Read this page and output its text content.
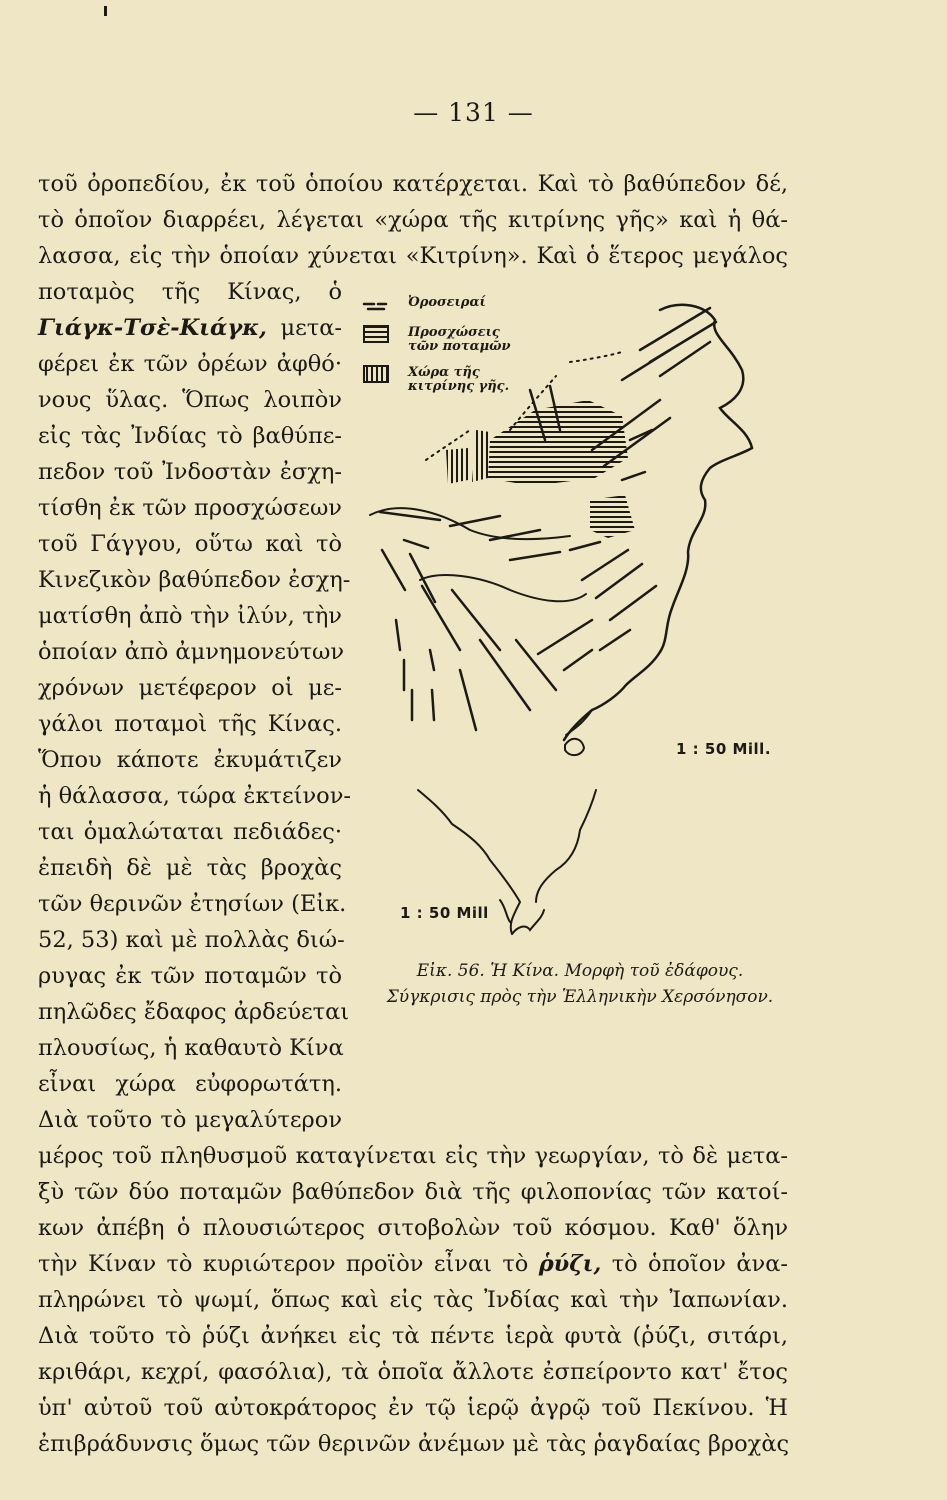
— 131 —
τοῦ ὀροπεδίου, ἐκ τοῦ ὁποίου κατέρχεται. Καὶ τὸ βαθύπεδον δέ,
τὸ ὁποῖον διαρρέει, λέγεται «χώρα τῆς κιτρίνης γῆς» καὶ ἡ θά-
λασσα, εἰς τὴν ὁποίαν χύνεται «Κιτρίνη». Καὶ ὁ ἕτερος μεγάλος
ποταμὸς τῆς Κίνας, ὁ
Γιάγκ-Τσὲ-Κιάγκ, μετα-
φέρει ἐκ τῶν ὀρέων ἀφθό·
νους ὕλας. Ὅπως λοιπὸν
εἰς τὰς Ἰνδίας τὸ βαθύπε-
πεδον τοῦ Ἰνδοστὰν ἐσχη-
τίσθη ἐκ τῶν προσχώσεων
τοῦ Γάγγου, οὕτω καὶ τὸ
Κινεζικὸν βαθύπεδον ἐσχη-
ματίσθη ἀπὸ τὴν ἰλύν, τὴν
ὁποίαν ἀπὸ ἀμνημονεύτων
χρόνων μετέφερον οἱ με-
γάλοι ποταμοὶ τῆς Κίνας.
Ὅπου κάποτε ἐκυμάτιζεν
ἡ θάλασσα, τώρα ἐκτείνον-
ται ὁμαλώταται πεδιάδες·
ἐπειδὴ δὲ μὲ τὰς βροχὰς
τῶν θερινῶν ἐτησίων (Εἰκ.
52, 53) καὶ μὲ πολλὰς διώ-
ρυγας ἐκ τῶν ποταμῶν τὸ
πηλῶδες ἔδαφος ἀρδεύεται
πλουσίως, ἡ καθαυτὸ Κίνα
εἶναι χώρα εὐφορωτάτη.
Διὰ τοῦτο τὸ μεγαλύτερον
Ὀροσειραί
Προσχώσεις τῶν ποταμῶν
Χώρα τῆς κιτρίνης γῆς.
1 : 50 Mill.
1 : 50 Mill
Εἰκ. 56. Ἡ Κίνα. Μορφὴ τοῦ ἐδάφους.
Σύγκρισις πρὸς τὴν Ἑλληνικὴν Χερσόνησον.
μέρος τοῦ πληθυσμοῦ καταγίνεται εἰς τὴν γεωργίαν, τὸ δὲ μετα-
ξὺ τῶν δύο ποταμῶν βαθύπεδον διὰ τῆς φιλοπονίας τῶν κατοί-
κων ἀπέβη ὁ πλουσιώτερος σιτοβολὼν τοῦ κόσμου. Καθ' ὅλην
τὴν Κίναν τὸ κυριώτερον προϊὸν εἶναι τὸ ῥύζι, τὸ ὁποῖον ἀνα-
πληρώνει τὸ ψωμί, ὅπως καὶ εἰς τὰς Ἰνδίας καὶ τὴν Ἰαπωνίαν.
Διὰ τοῦτο τὸ ῥύζι ἀνήκει εἰς τὰ πέντε ἱερὰ φυτὰ (ῥύζι, σιτάρι,
κριθάρι, κεχρί, φασόλια), τὰ ὁποῖα ἄλλοτε ἐσπείροντο κατ' ἔτος
ὑπ' αὐτοῦ τοῦ αὐτοκράτορος ἐν τῷ ἱερῷ ἀγρῷ τοῦ Πεκίνου. Ἡ
ἐπιβράδυνσις ὅμως τῶν θερινῶν ἀνέμων μὲ τὰς ῥαγδαίας βροχὰς
